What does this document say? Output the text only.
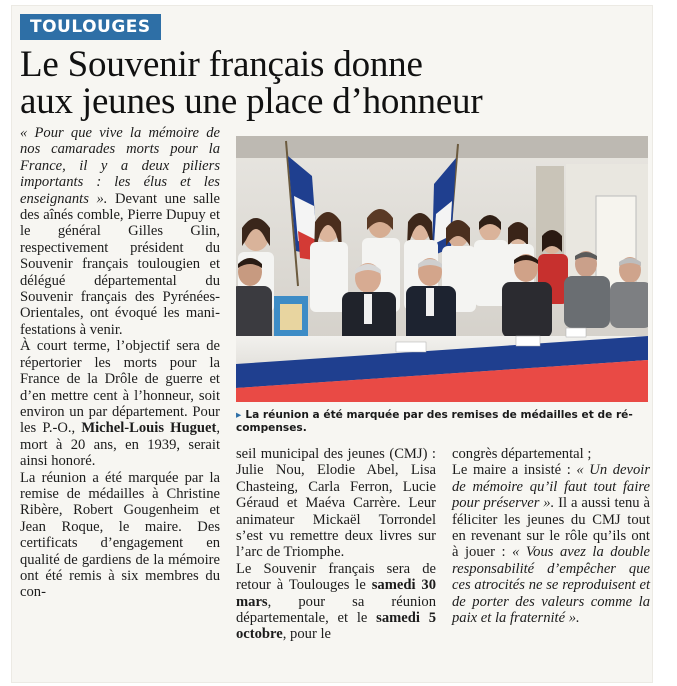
TOULOUGES
Le Souvenir français donne
aux jeunes une place d’honneur

« Pour que vive la mémoire de nos camarades morts pour la France, il y a deux piliers importants : les élus et les enseignants ». Devant une salle des aînés comble, Pierre Dupuy et le général Gilles Glin, respectivement président du Souvenir français toulougien et délégué départemental du Souvenir français des Pyrénées-Orientales, ont évoqué les manifestations à venir.

À court terme, l’objectif sera de répertorier les morts pour la France de la Drôle de guerre et d’en mettre cent à l’honneur, soit environ un par département. Pour les P.-O., Michel-Louis Huguet, mort à 20 ans, en 1939, serait ainsi honoré.

La réunion a été marquée par la remise de médailles à Christine Ribère, Robert Gougenheim et Jean Roque, le maire. Des certificats d’engagement en qualité de gardiens de la mémoire ont été remis à six membres du con-

▸ La réunion a été marquée par des remises de médailles et de récompenses.

seil municipal des jeunes (CMJ) : Julie Nou, Elodie Abel, Lisa Chasteing, Carla Ferron, Lucie Géraud et Maéva Carrère. Leur animateur Mickaël Torrondel s’est vu remettre deux livres sur l’arc de Triomphe.

Le Souvenir français sera de retour à Toulouges le samedi 30 mars, pour sa réunion départementale, et le samedi 5 octobre, pour le

congrès départemental ;

Le maire a insisté : « Un devoir de mémoire qu’il faut tout faire pour préserver ». Il a aussi tenu à féliciter les jeunes du CMJ tout en revenant sur le rôle qu’ils ont à jouer : « Vous avez la double responsabilité d’empêcher que ces atrocités ne se reproduisent et de porter des valeurs comme la paix et la fraternité ».
